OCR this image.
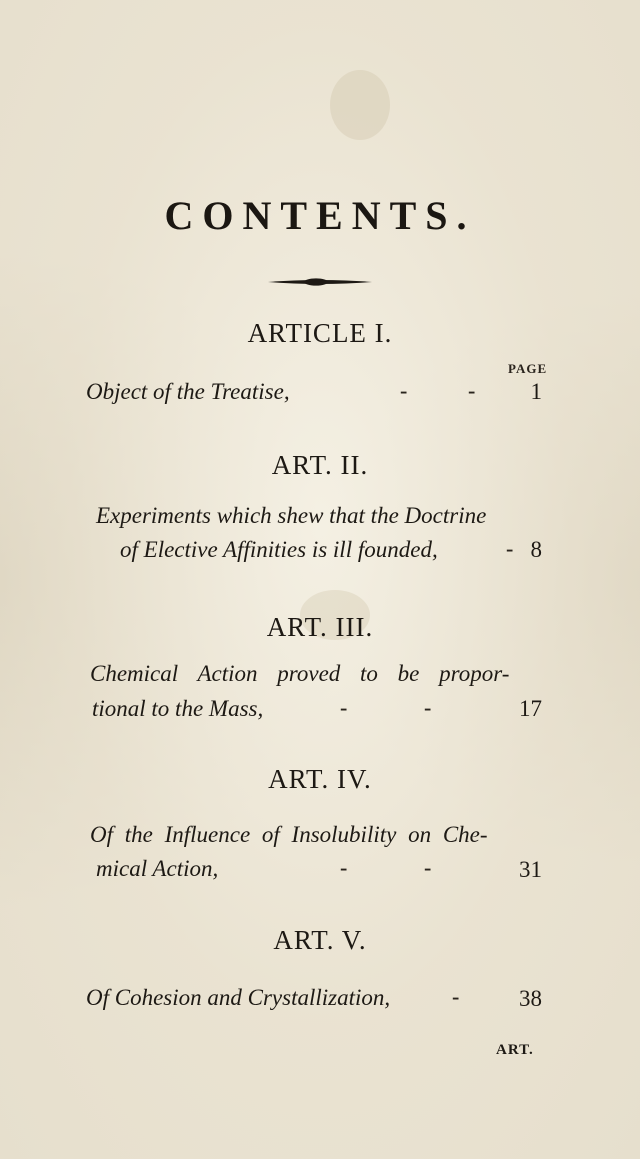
CONTENTS.
ARTICLE I.
PAGE
Object of the Treatise,	-	-	1
ART. II.
Experiments which shew that the Doctrine
of Elective Affinities is ill founded,	- 8
ART. III.
Chemical Action proved to be propor-
tional to the Mass,	-	-	17
ART. IV.
Of the Influence of Insolubility on Che-
mical Action,	-	-	31
ART. V.
Of Cohesion and Crystallization,	-	38
ART.
